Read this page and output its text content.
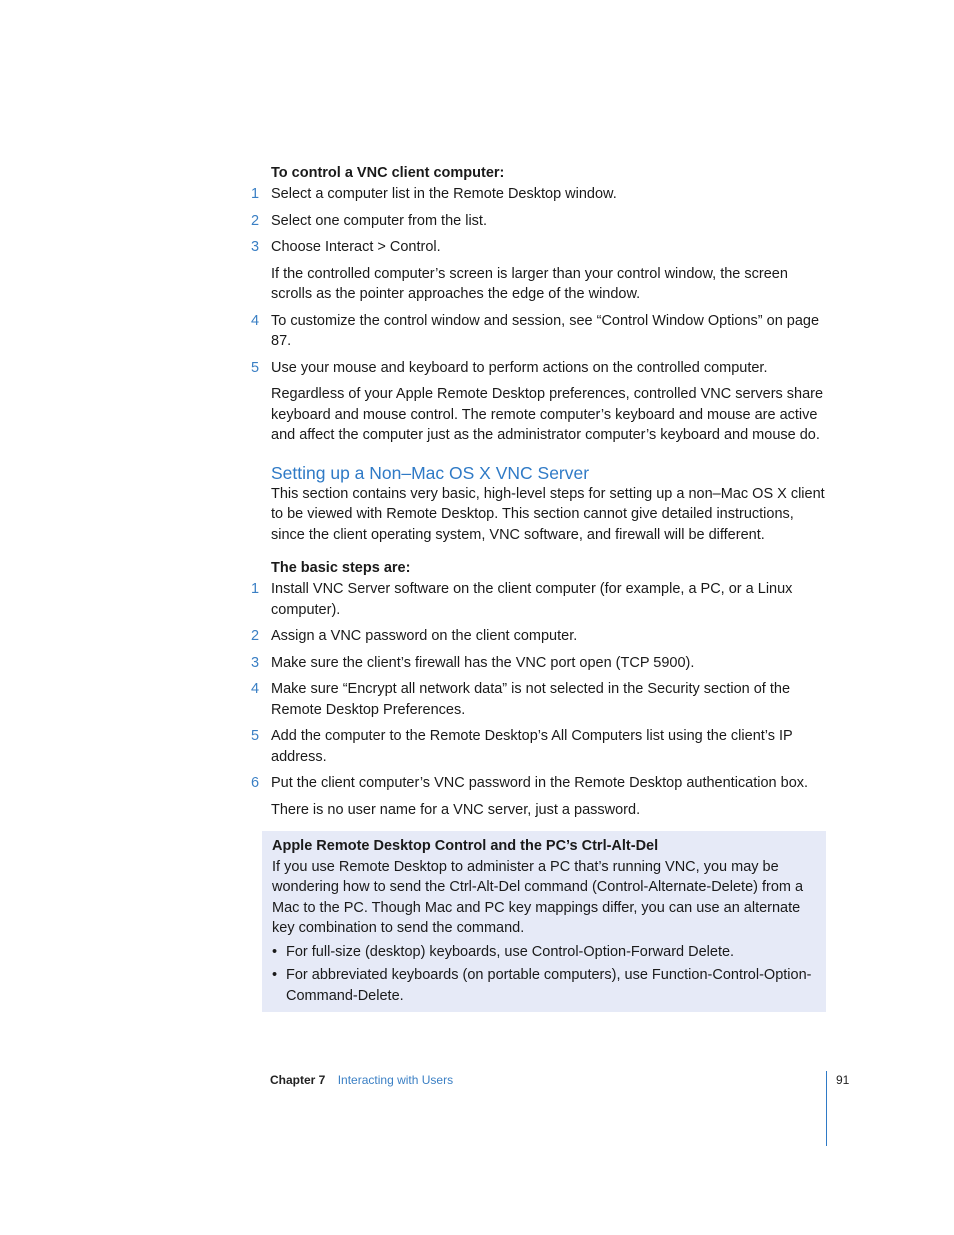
To control a VNC client computer:
1 Select a computer list in the Remote Desktop window.
2 Select one computer from the list.
3 Choose Interact > Control.

If the controlled computer’s screen is larger than your control window, the screen scrolls as the pointer approaches the edge of the window.

4 To customize the control window and session, see “Control Window Options” on page 87.
5 Use your mouse and keyboard to perform actions on the controlled computer.

Regardless of your Apple Remote Desktop preferences, controlled VNC servers share keyboard and mouse control. The remote computer’s keyboard and mouse are active and affect the computer just as the administrator computer’s keyboard and mouse do.

Setting up a Non–Mac OS X VNC Server

This section contains very basic, high-level steps for setting up a non–Mac OS X client to be viewed with Remote Desktop. This section cannot give detailed instructions, since the client operating system, VNC software, and firewall will be different.

The basic steps are:
1 Install VNC Server software on the client computer (for example, a PC, or a Linux computer).
2 Assign a VNC password on the client computer.
3 Make sure the client’s firewall has the VNC port open (TCP 5900).
4 Make sure “Encrypt all network data” is not selected in the Security section of the Remote Desktop Preferences.
5 Add the computer to the Remote Desktop’s All Computers list using the client’s IP address.
6 Put the client computer’s VNC password in the Remote Desktop authentication box.

There is no user name for a VNC server, just a password.

Apple Remote Desktop Control and the PC’s Ctrl-Alt-Del

If you use Remote Desktop to administer a PC that’s running VNC, you may be wondering how to send the Ctrl-Alt-Del command (Control-Alternate-Delete) from a Mac to the PC. Though Mac and PC key mappings differ, you can use an alternate key combination to send the command.

• For full-size (desktop) keyboards, use Control-Option-Forward Delete.
• For abbreviated keyboards (on portable computers), use Function-Control-Option-Command-Delete.
Chapter 7 Interacting with Users	91
